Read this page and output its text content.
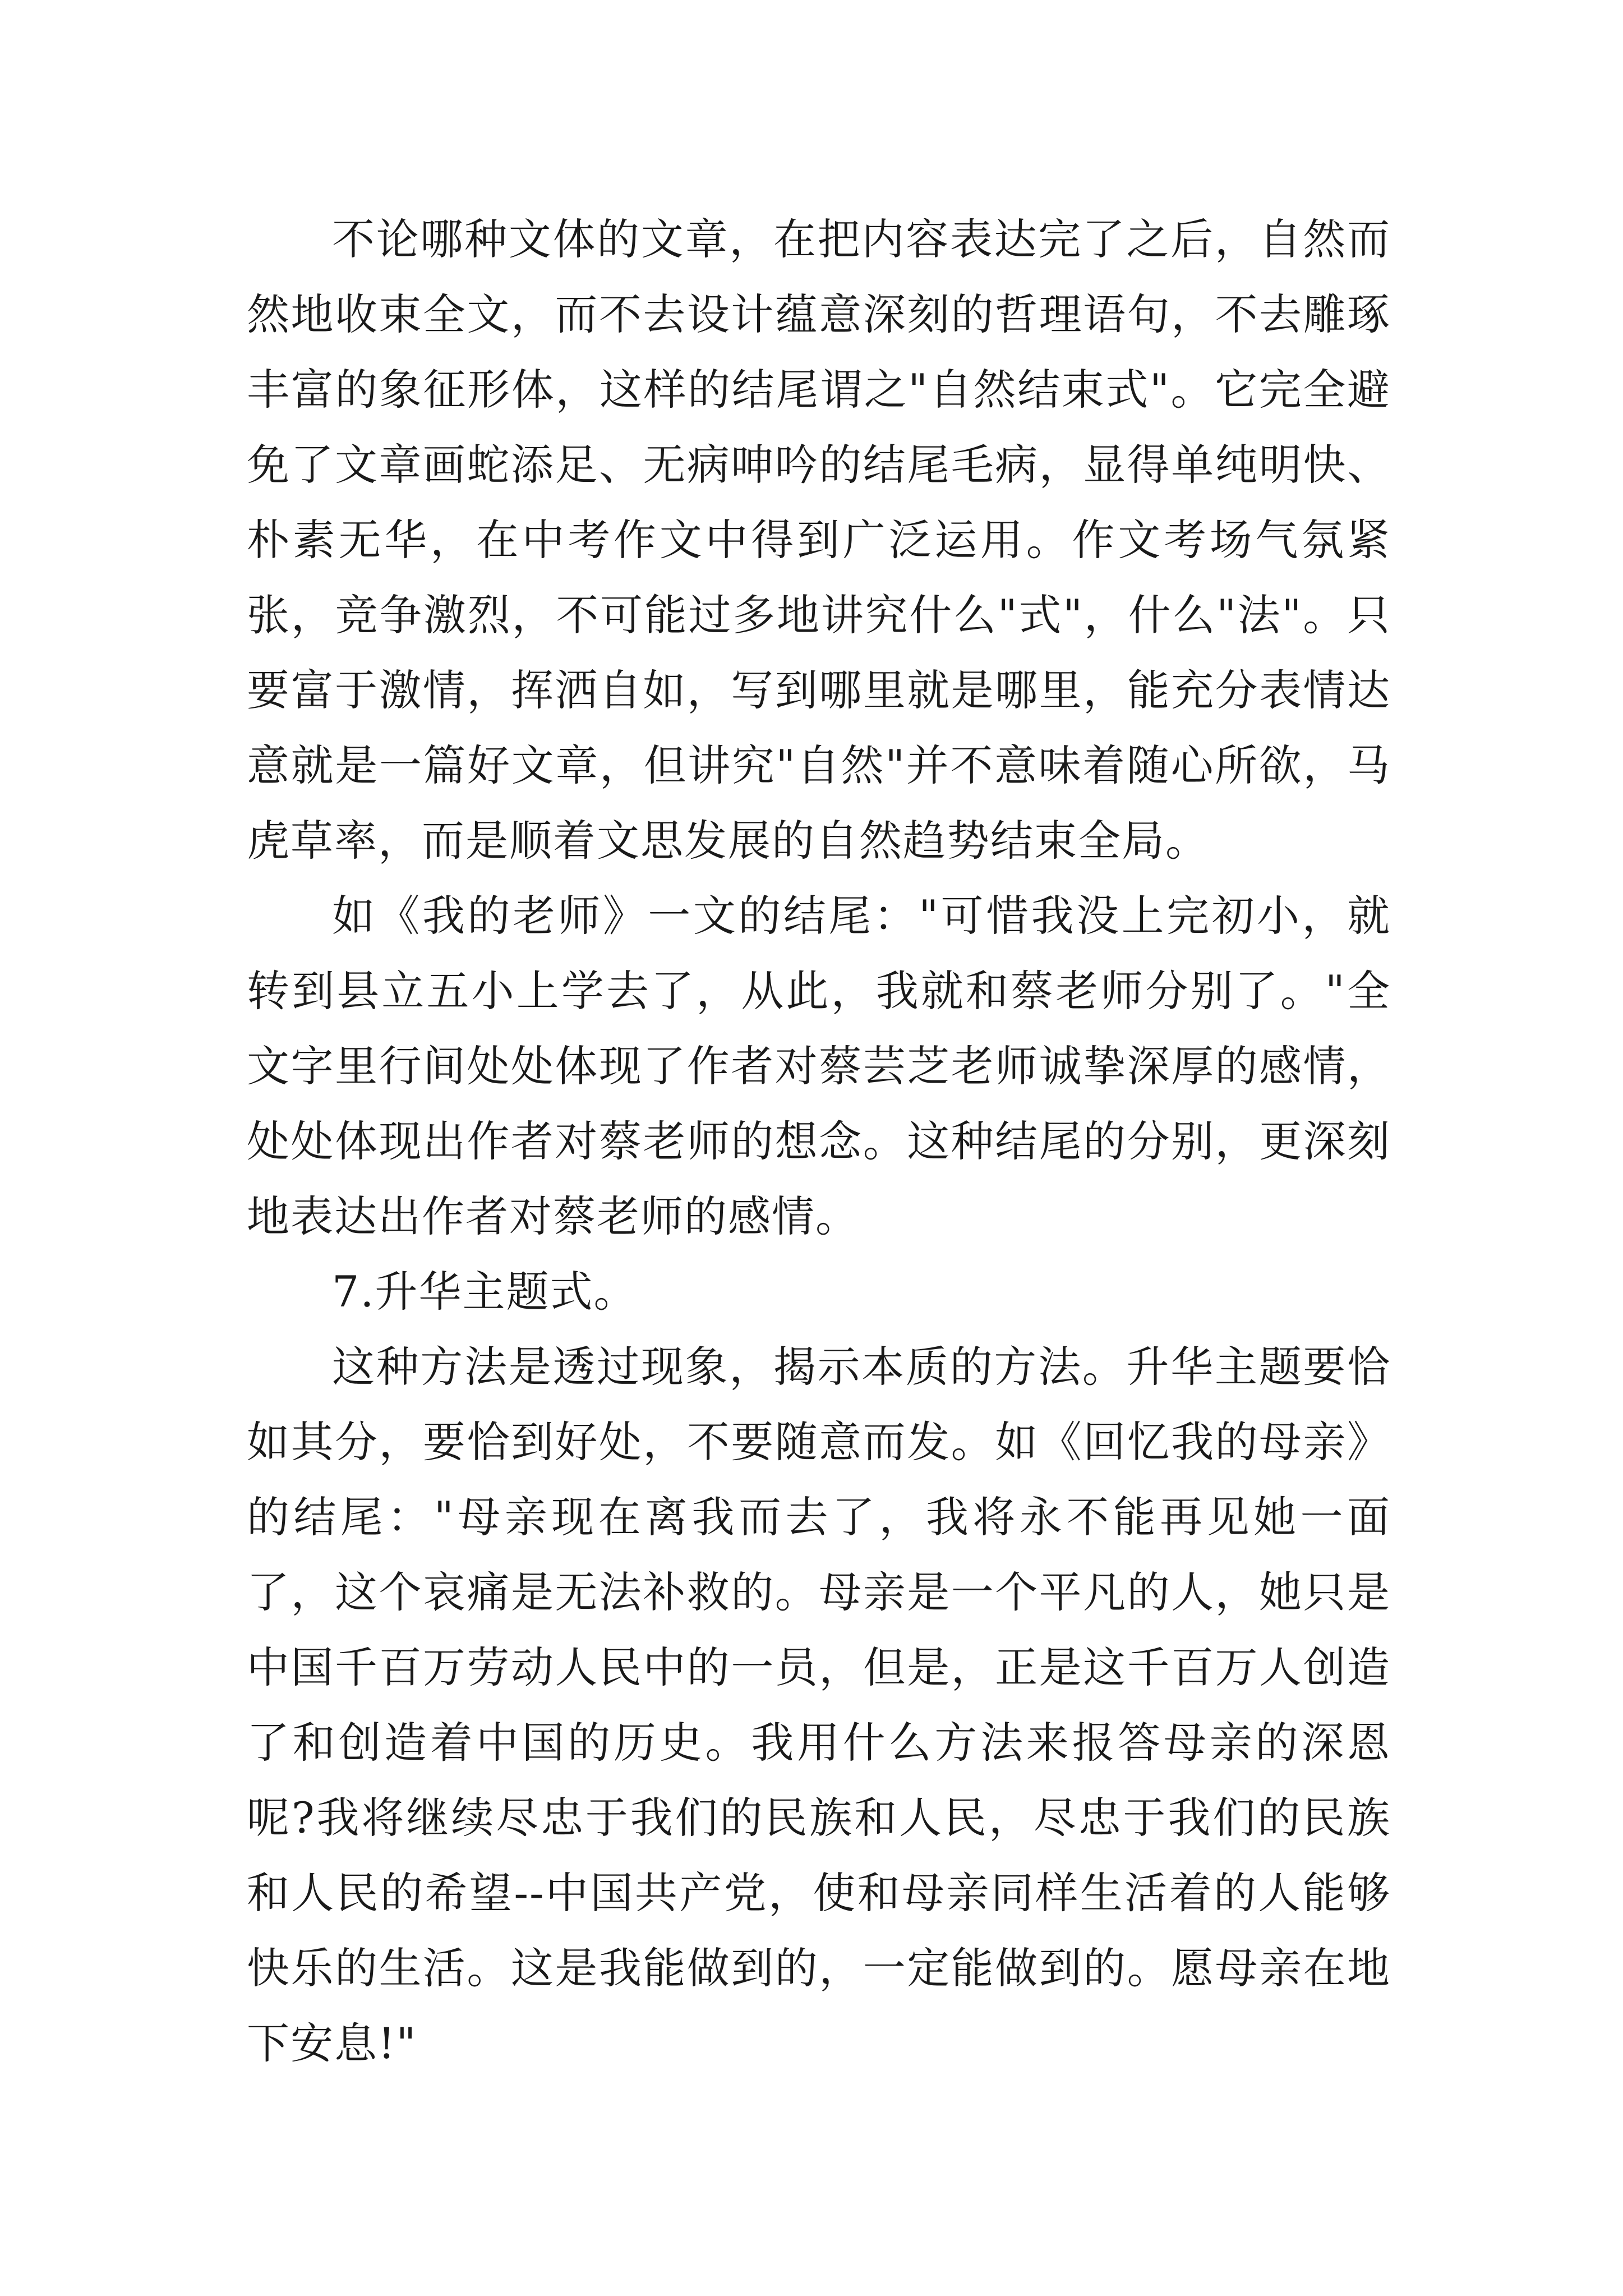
不论哪种文体的文章，在把内容表达完了之后，自然而然地收束全文，而不去设计蕴意深刻的哲理语句，不去雕琢丰富的象征形体，这样的结尾谓之"自然结束式"。它完全避免了文章画蛇添足、无病呻吟的结尾毛病，显得单纯明快、朴素无华，在中考作文中得到广泛运用。作文考场气氛紧张，竞争激烈，不可能过多地讲究什么"式"，什么"法"。只要富于激情，挥洒自如，写到哪里就是哪里，能充分表情达意就是一篇好文章，但讲究"自然"并不意味着随心所欲，马虎草率，而是顺着文思发展的自然趋势结束全局。

如《我的老师》一文的结尾："可惜我没上完初小，就转到县立五小上学去了，从此，我就和蔡老师分别了。"全文字里行间处处体现了作者对蔡芸芝老师诚挚深厚的感情，处处体现出作者对蔡老师的想念。这种结尾的分别，更深刻地表达出作者对蔡老师的感情。

7.升华主题式。

这种方法是透过现象，揭示本质的方法。升华主题要恰如其分，要恰到好处，不要随意而发。如《回忆我的母亲》的结尾："母亲现在离我而去了，我将永不能再见她一面了，这个哀痛是无法补救的。母亲是一个平凡的人，她只是中国千百万劳动人民中的一员，但是，正是这千百万人创造了和创造着中国的历史。我用什么方法来报答母亲的深恩呢?我将继续尽忠于我们的民族和人民，尽忠于我们的民族和人民的希望--中国共产党，使和母亲同样生活着的人能够快乐的生活。这是我能做到的，一定能做到的。愿母亲在地下安息!"
